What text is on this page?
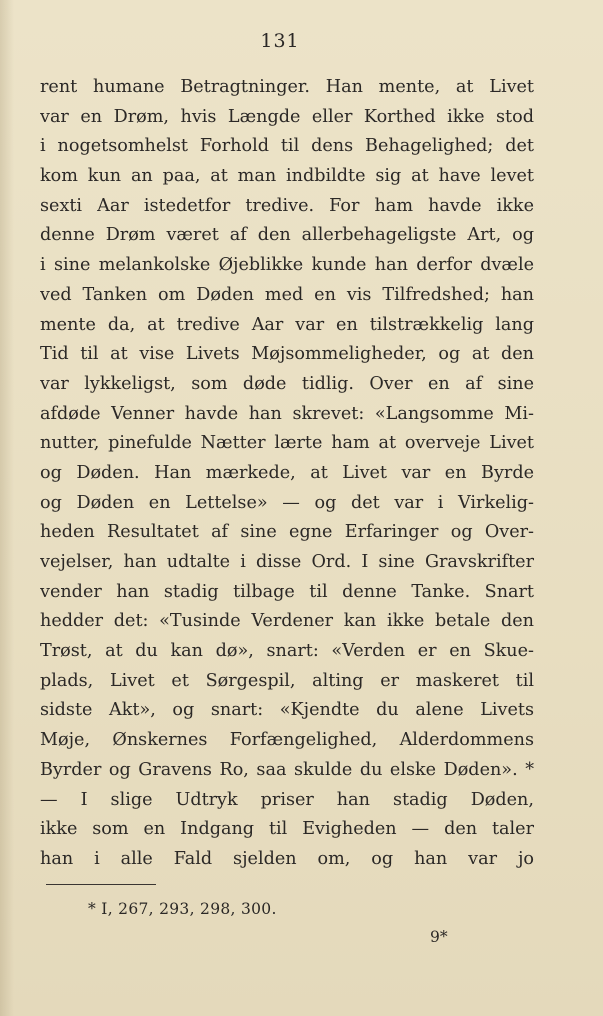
131
rent humane Betragtninger. Han mente, at Livet
var en Drøm, hvis Længde eller Korthed ikke stod
i nogetsomhelst Forhold til dens Behagelighed; det
kom kun an paa, at man indbildte sig at have levet
sexti Aar istedetfor tredive. For ham havde ikke
denne Drøm været af den allerbehageligste Art, og
i sine melankolske Øjeblikke kunde han derfor dvæle
ved Tanken om Døden med en vis Tilfredshed; han
mente da, at tredive Aar var en tilstrækkelig lang
Tid til at vise Livets Møjsommeligheder, og at den
var lykkeligst, som døde tidlig. Over en af sine
afdøde Venner havde han skrevet: «Langsomme Mi-
nutter, pinefulde Nætter lærte ham at overveje Livet
og Døden. Han mærkede, at Livet var en Byrde
og Døden en Lettelse» — og det var i Virkelig-
heden Resultatet af sine egne Erfaringer og Over-
vejelser, han udtalte i disse Ord. I sine Gravskrifter
vender han stadig tilbage til denne Tanke. Snart
hedder det: «Tusinde Verdener kan ikke betale den
Trøst, at du kan dø», snart: «Verden er en Skue-
plads, Livet et Sørgespil, alting er maskeret til
sidste Akt», og snart: «Kjendte du alene Livets
Møje, Ønskernes Forfængelighed, Alderdommens
Byrder og Gravens Ro, saa skulde du elske Døden». *
— I slige Udtryk priser han stadig Døden,
ikke som en Indgang til Evigheden — den taler
han i alle Fald sjelden om, og han var jo
* I, 267, 293, 298, 300.
9*
